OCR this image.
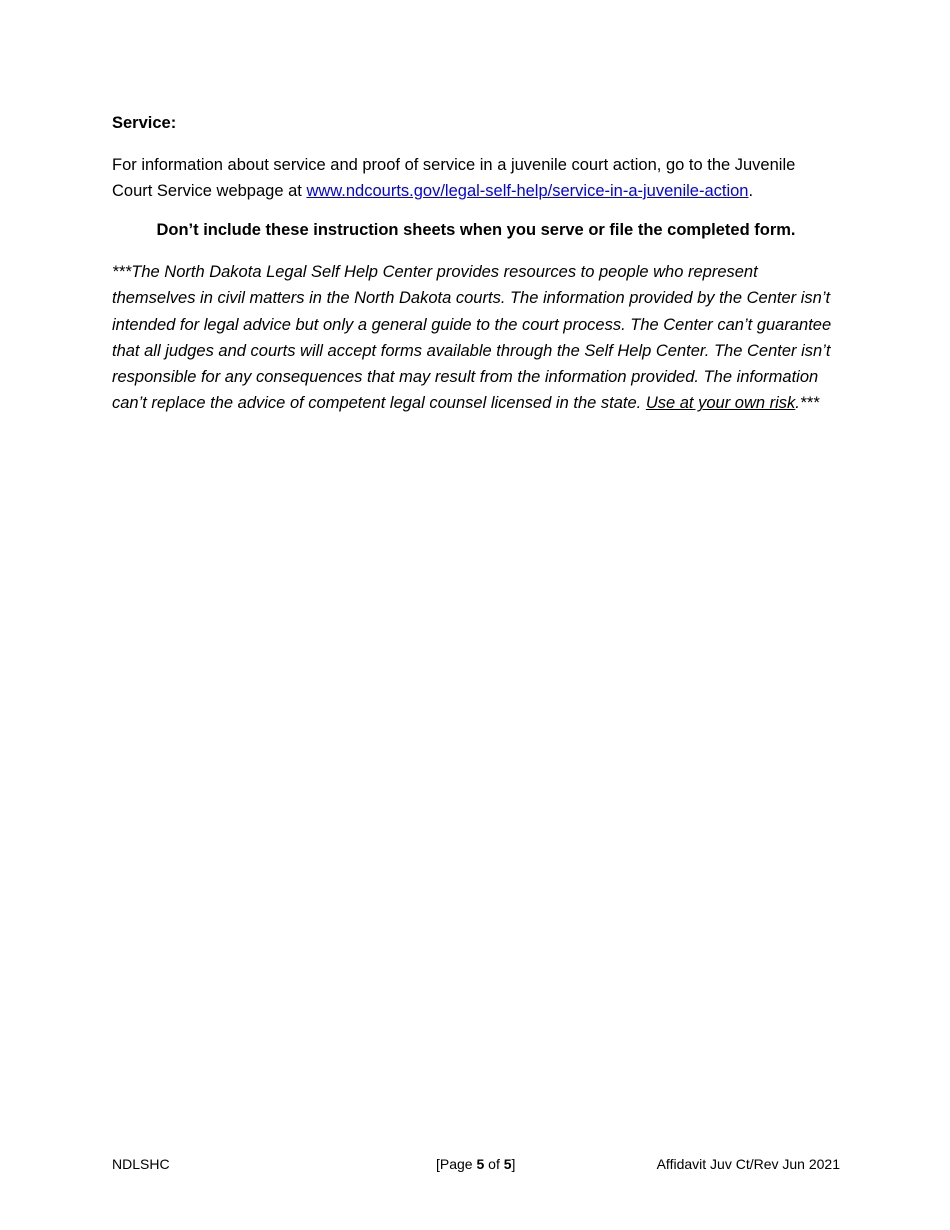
Service:

For information about service and proof of service in a juvenile court action, go to the Juvenile Court Service webpage at www.ndcourts.gov/legal-self-help/service-in-a-juvenile-action.

Don’t include these instruction sheets when you serve or file the completed form.

***The North Dakota Legal Self Help Center provides resources to people who represent themselves in civil matters in the North Dakota courts. The information provided by the Center isn’t intended for legal advice but only a general guide to the court process. The Center can’t guarantee that all judges and courts will accept forms available through the Self Help Center. The Center isn’t responsible for any consequences that may result from the information provided. The information can’t replace the advice of competent legal counsel licensed in the state. Use at your own risk.***

NDLSHC	[Page 5 of 5]	Affidavit Juv Ct/Rev Jun 2021
